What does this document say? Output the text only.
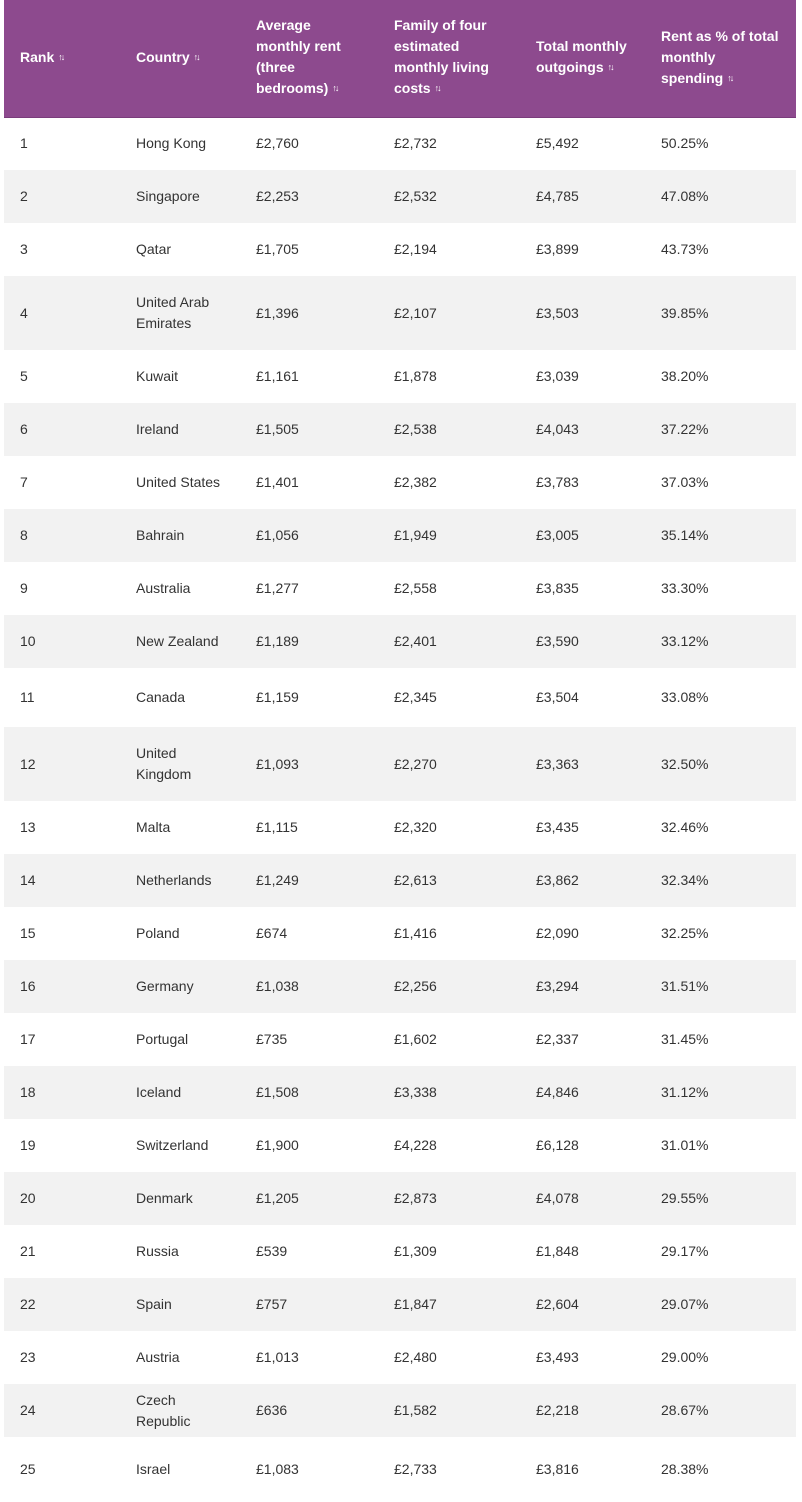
Rank ↑↓	Country ↑↓	Average monthly rent (three bedrooms) ↑↓	Family of four estimated monthly living costs ↑↓	Total monthly outgoings ↑↓	Rent as % of total monthly spending ↑↓
1	Hong Kong	£2,760	£2,732	£5,492	50.25%
2	Singapore	£2,253	£2,532	£4,785	47.08%
3	Qatar	£1,705	£2,194	£3,899	43.73%
4	United Arab Emirates	£1,396	£2,107	£3,503	39.85%
5	Kuwait	£1,161	£1,878	£3,039	38.20%
6	Ireland	£1,505	£2,538	£4,043	37.22%
7	United States	£1,401	£2,382	£3,783	37.03%
8	Bahrain	£1,056	£1,949	£3,005	35.14%
9	Australia	£1,277	£2,558	£3,835	33.30%
10	New Zealand	£1,189	£2,401	£3,590	33.12%
11	Canada	£1,159	£2,345	£3,504	33.08%
12	United Kingdom	£1,093	£2,270	£3,363	32.50%
13	Malta	£1,115	£2,320	£3,435	32.46%
14	Netherlands	£1,249	£2,613	£3,862	32.34%
15	Poland	£674	£1,416	£2,090	32.25%
16	Germany	£1,038	£2,256	£3,294	31.51%
17	Portugal	£735	£1,602	£2,337	31.45%
18	Iceland	£1,508	£3,338	£4,846	31.12%
19	Switzerland	£1,900	£4,228	£6,128	31.01%
20	Denmark	£1,205	£2,873	£4,078	29.55%
21	Russia	£539	£1,309	£1,848	29.17%
22	Spain	£757	£1,847	£2,604	29.07%
23	Austria	£1,013	£2,480	£3,493	29.00%
24	Czech Republic	£636	£1,582	£2,218	28.67%
25	Israel	£1,083	£2,733	£3,816	28.38%
